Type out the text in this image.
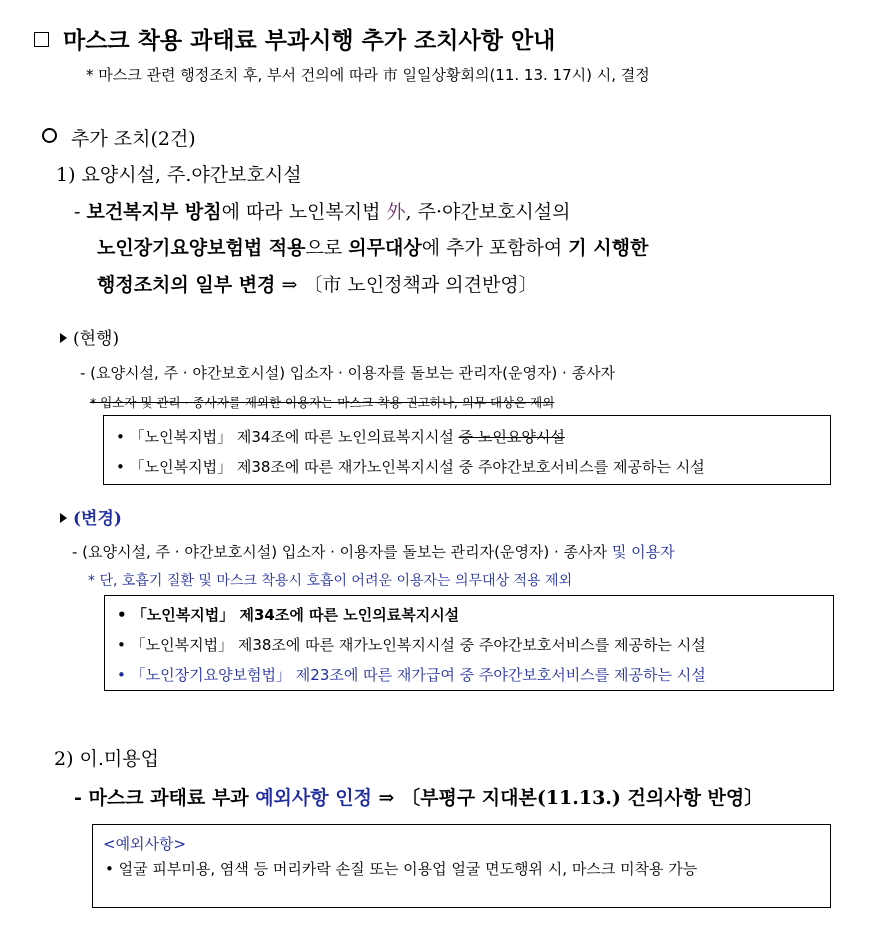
마스크 착용 과태료 부과시행 추가 조치사항 안내
* 마스크 관련 행정조치 후, 부서 건의에 따라 市 일일상황회의(11. 13. 17시) 시, 결정
추가 조치(2건)
1) 요양시설, 주.야간보호시설
- 보건복지부 방침에 따라 노인복지법 外, 주·야간보호시설의
노인장기요양보험법 적용으로 의무대상에 추가 포함하여 기 시행한
행정조치의 일부 변경 ⇒ 〔市 노인정책과 의견반영〕
(현행)
- (요양시설, 주 · 야간보호시설) 입소자 · 이용자를 돌보는 관리자(운영자) · 종사자
* 입소자 및 관리 · 종사자를 제외한 이용자는 마스크 착용 권고하나, 의무 대상은 제외
• 「노인복지법」 제34조에 따른 노인의료복지시설 중 노인요양시설
• 「노인복지법」 제38조에 따른 재가노인복지시설 중 주야간보호서비스를 제공하는 시설
(변경)
- (요양시설, 주 · 야간보호시설) 입소자 · 이용자를 돌보는 관리자(운영자) · 종사자 및 이용자
* 단, 호흡기 질환 및 마스크 착용시 호흡이 어려운 이용자는 의무대상 적용 제외
• 「노인복지법」 제34조에 따른 노인의료복지시설
• 「노인복지법」 제38조에 따른 재가노인복지시설 중 주야간보호서비스를 제공하는 시설
• 「노인장기요양보험법」 제23조에 따른 재가급여 중 주야간보호서비스를 제공하는 시설
2) 이.미용업
- 마스크 과태료 부과 예외사항 인정 ⇒ 〔부평구 지대본(11.13.) 건의사항 반영〕
<예외사항>
• 얼굴 피부미용, 염색 등 머리카락 손질 또는 이용업 얼굴 면도행위 시, 마스크 미착용 가능
